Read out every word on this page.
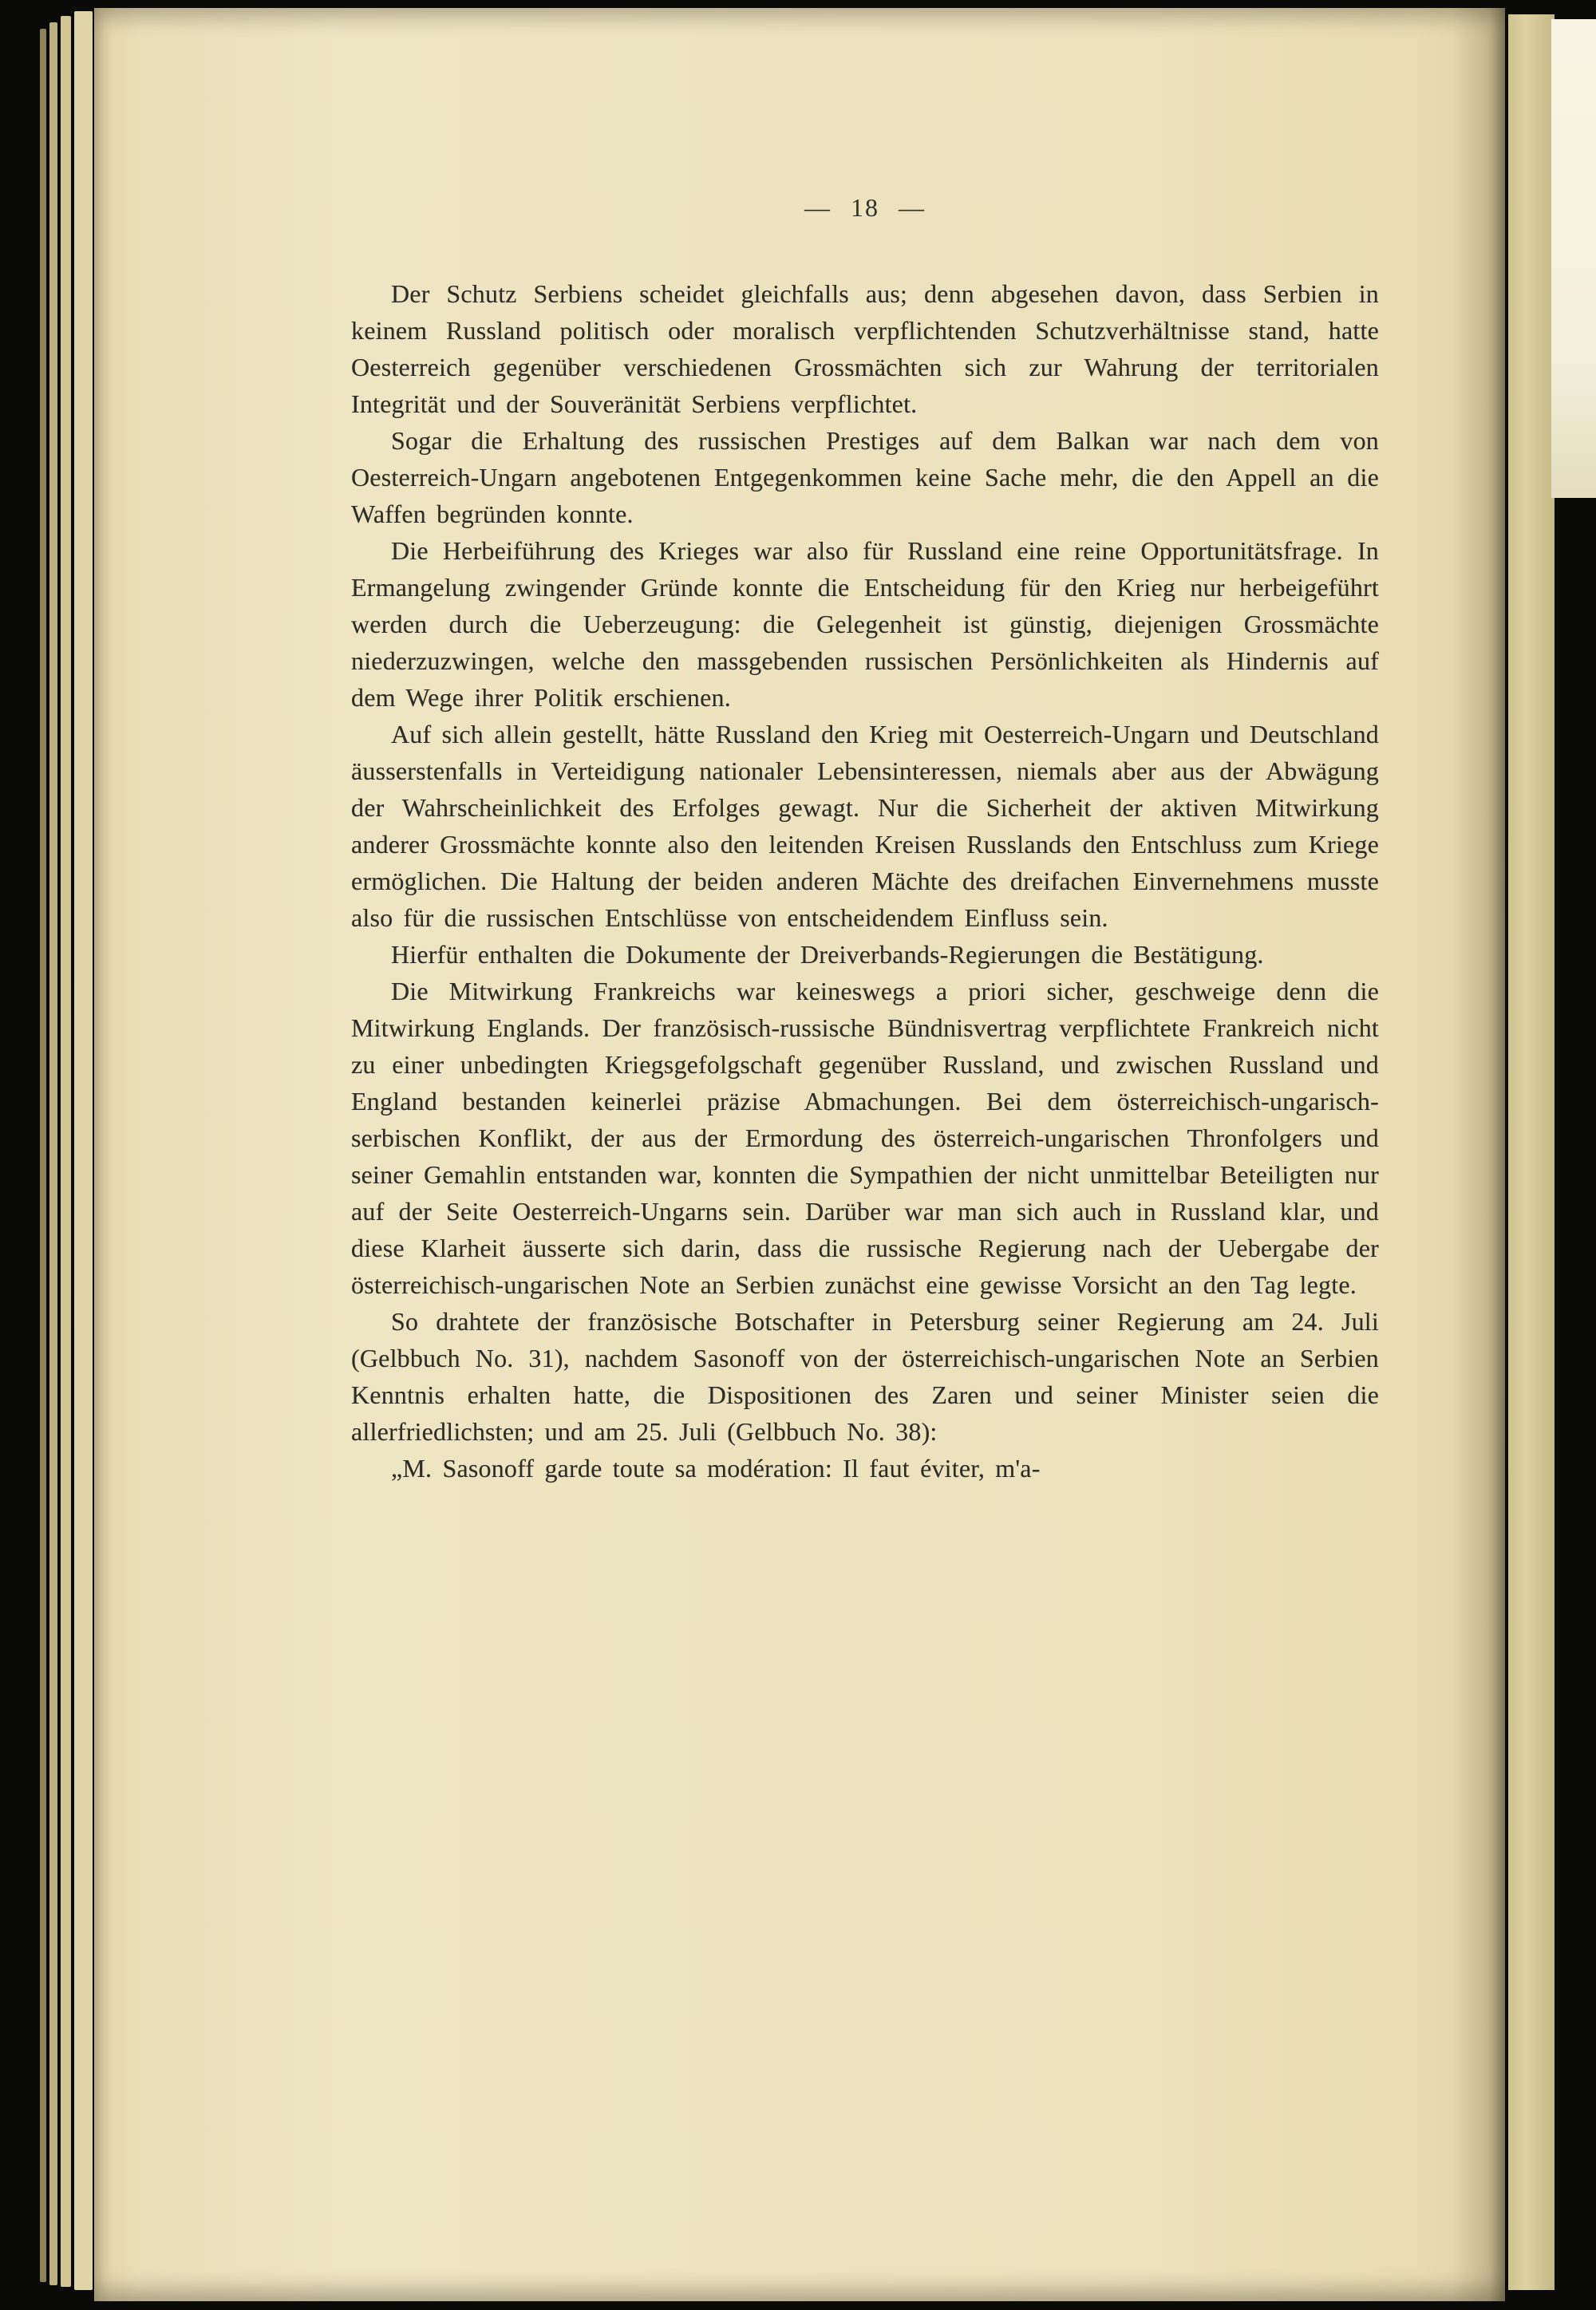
— 18 —

Der Schutz Serbiens scheidet gleichfalls aus; denn abgesehen davon, dass Serbien in keinem Russland politisch oder moralisch verpflichtenden Schutzverhältnisse stand, hatte Oesterreich gegenüber verschiedenen Grossmächten sich zur Wahrung der territorialen Integrität und der Souveränität Serbiens verpflichtet.

Sogar die Erhaltung des russischen Prestiges auf dem Balkan war nach dem von Oesterreich-Ungarn angebotenen Entgegenkommen keine Sache mehr, die den Appell an die Waffen begründen konnte.

Die Herbeiführung des Krieges war also für Russland eine reine Opportunitätsfrage. In Ermangelung zwingender Gründe konnte die Entscheidung für den Krieg nur herbeigeführt werden durch die Ueberzeugung: die Gelegenheit ist günstig, diejenigen Grossmächte niederzuzwingen, welche den massgebenden russischen Persönlichkeiten als Hindernis auf dem Wege ihrer Politik erschienen.

Auf sich allein gestellt, hätte Russland den Krieg mit Oesterreich-Ungarn und Deutschland äusserstenfalls in Verteidigung nationaler Lebensinteressen, niemals aber aus der Abwägung der Wahrscheinlichkeit des Erfolges gewagt. Nur die Sicherheit der aktiven Mitwirkung anderer Grossmächte konnte also den leitenden Kreisen Russlands den Entschluss zum Kriege ermöglichen. Die Haltung der beiden anderen Mächte des dreifachen Einvernehmens musste also für die russischen Entschlüsse von entscheidendem Einfluss sein.

Hierfür enthalten die Dokumente der Dreiverbands-Regierungen die Bestätigung.

Die Mitwirkung Frankreichs war keineswegs a priori sicher, geschweige denn die Mitwirkung Englands. Der französisch-russische Bündnisvertrag verpflichtete Frankreich nicht zu einer unbedingten Kriegsgefolgschaft gegenüber Russland, und zwischen Russland und England bestanden keinerlei präzise Abmachungen. Bei dem österreichisch-ungarisch-serbischen Konflikt, der aus der Ermordung des österreich-ungarischen Thronfolgers und seiner Gemahlin entstanden war, konnten die Sympathien der nicht unmittelbar Beteiligten nur auf der Seite Oesterreich-Ungarns sein. Darüber war man sich auch in Russland klar, und diese Klarheit äusserte sich darin, dass die russische Regierung nach der Uebergabe der österreichisch-ungarischen Note an Serbien zunächst eine gewisse Vorsicht an den Tag legte.

So drahtete der französische Botschafter in Petersburg seiner Regierung am 24. Juli (Gelbbuch No. 31), nachdem Sasonoff von der österreichisch-ungarischen Note an Serbien Kenntnis erhalten hatte, die Dispositionen des Zaren und seiner Minister seien die allerfriedlichsten; und am 25. Juli (Gelbbuch No. 38):

„M. Sasonoff garde toute sa modération: Il faut éviter, m'a-
